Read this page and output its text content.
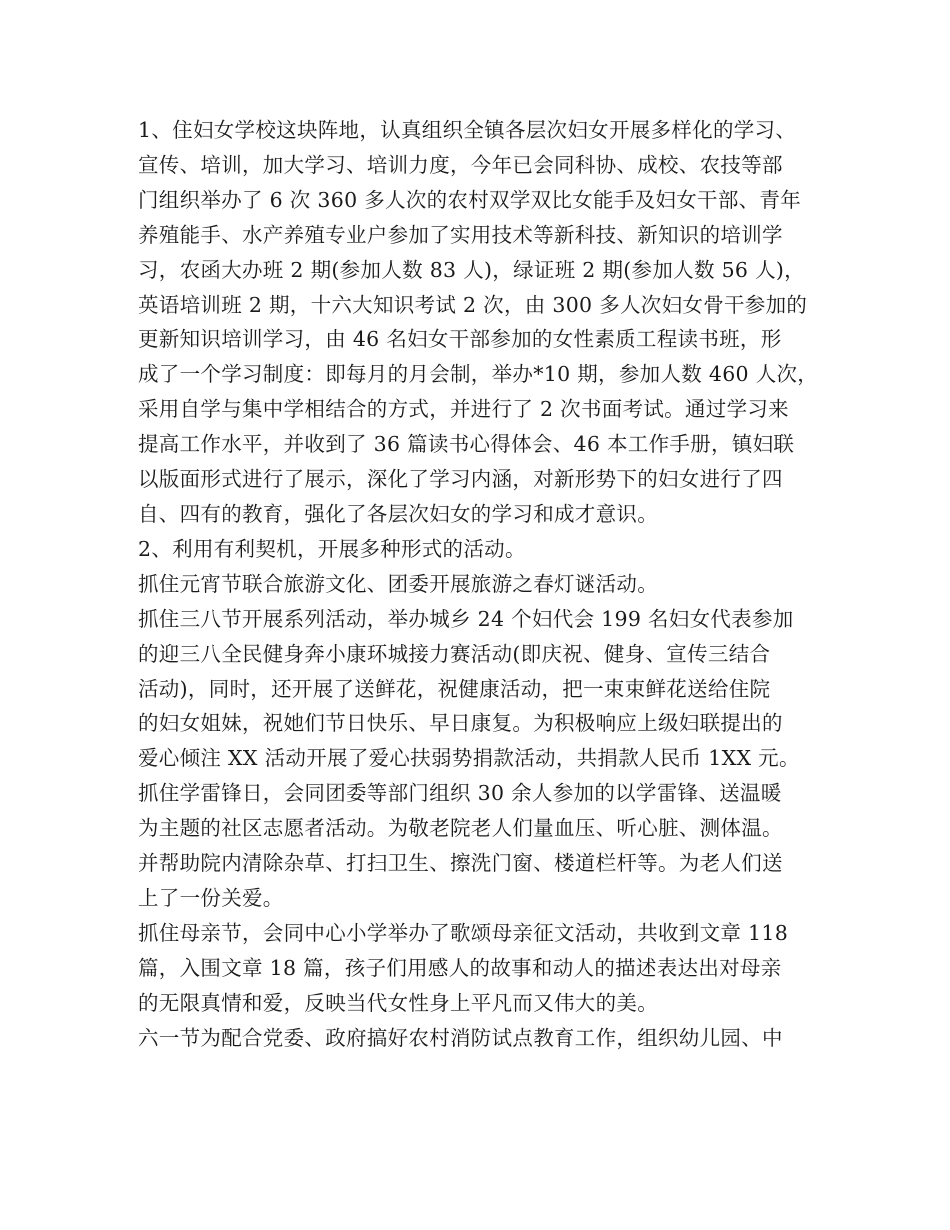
1、住妇女学校这块阵地，认真组织全镇各层次妇女开展多样化的学习、
宣传、培训，加大学习、培训力度，今年已会同科协、成校、农技等部
门组织举办了 6 次 360 多人次的农村双学双比女能手及妇女干部、青年
养殖能手、水产养殖专业户参加了实用技术等新科技、新知识的培训学
习，农函大办班 2 期(参加人数 83 人)，绿证班 2 期(参加人数 56 人)，
英语培训班 2 期，十六大知识考试 2 次，由 300 多人次妇女骨干参加的
更新知识培训学习，由 46 名妇女干部参加的女性素质工程读书班，形
成了一个学习制度：即每月的月会制，举办*10 期，参加人数 460 人次，
采用自学与集中学相结合的方式，并进行了 2 次书面考试。通过学习来
提高工作水平，并收到了 36 篇读书心得体会、46 本工作手册，镇妇联
以版面形式进行了展示，深化了学习内涵，对新形势下的妇女进行了四
自、四有的教育，强化了各层次妇女的学习和成才意识。

2、利用有利契机，开展多种形式的活动。

抓住元宵节联合旅游文化、团委开展旅游之春灯谜活动。

抓住三八节开展系列活动，举办城乡 24 个妇代会 199 名妇女代表参加
的迎三八全民健身奔小康环城接力赛活动(即庆祝、健身、宣传三结合
活动)，同时，还开展了送鲜花，祝健康活动，把一束束鲜花送给住院
的妇女姐妹，祝她们节日快乐、早日康复。为积极响应上级妇联提出的
爱心倾注 XX 活动开展了爱心扶弱势捐款活动，共捐款人民币 1XX 元。

抓住学雷锋日，会同团委等部门组织 30 余人参加的以学雷锋、送温暖
为主题的社区志愿者活动。为敬老院老人们量血压、听心脏、测体温。
并帮助院内清除杂草、打扫卫生、擦洗门窗、楼道栏杆等。为老人们送
上了一份关爱。

抓住母亲节，会同中心小学举办了歌颂母亲征文活动，共收到文章 118
篇，入围文章 18 篇，孩子们用感人的故事和动人的描述表达出对母亲
的无限真情和爱，反映当代女性身上平凡而又伟大的美。

六一节为配合党委、政府搞好农村消防试点教育工作，组织幼儿园、中
